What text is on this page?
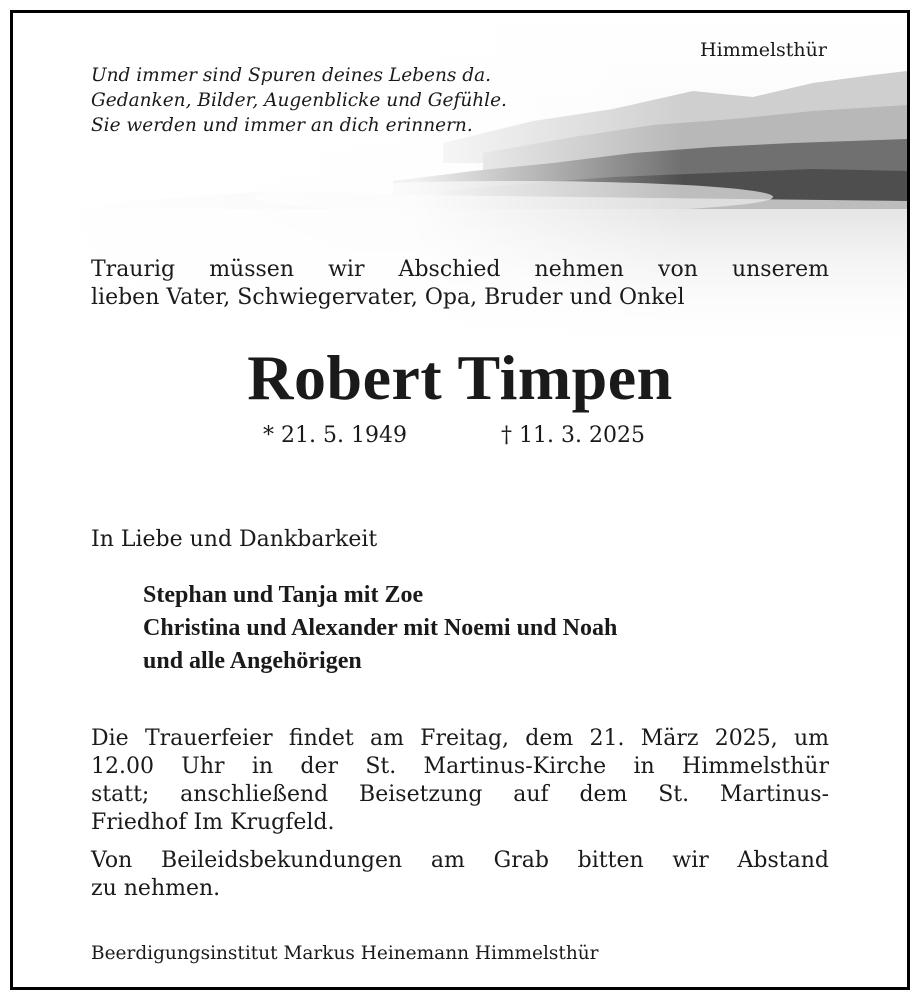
Himmelsthür
Und immer sind Spuren deines Lebens da.
Gedanken, Bilder, Augenblicke und Gefühle.
Sie werden und immer an dich erinnern.
Traurig müssen wir Abschied nehmen von unserem
lieben Vater, Schwiegervater, Opa, Bruder und Onkel
Robert Timpen
* 21. 5. 1949	† 11. 3. 2025
In Liebe und Dankbarkeit
Stephan und Tanja mit Zoe
Christina und Alexander mit Noemi und Noah
und alle Angehörigen
Die Trauerfeier findet am Freitag, dem 21. März 2025, um
12.00 Uhr in der St. Martinus-Kirche in Himmelsthür
statt; anschließend Beisetzung auf dem St. Martinus-
Friedhof Im Krugfeld.
Von Beileidsbekundungen am Grab bitten wir Abstand
zu nehmen.
Beerdigungsinstitut Markus Heinemann Himmelsthür
